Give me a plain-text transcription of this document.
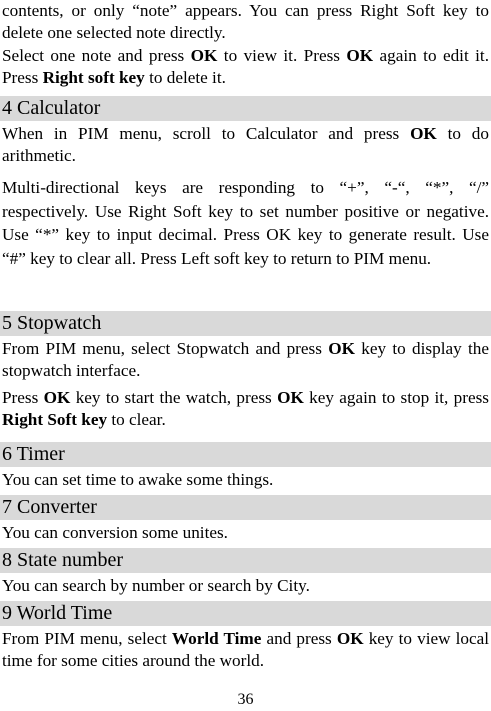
contents, or only “note” appears. You can press Right Soft key to delete one selected note directly.

Select one note and press OK to view it. Press OK again to edit it. Press Right soft key to delete it.

4 Calculator

When in PIM menu, scroll to Calculator and press OK to do arithmetic.

Multi-directional keys are responding to “+”, “-“, “*”, “/” respectively. Use Right Soft key to set number positive or negative. Use “*” key to input decimal. Press OK key to generate result. Use “#” key to clear all. Press Left soft key to return to PIM menu.

5 Stopwatch

From PIM menu, select Stopwatch and press OK key to display the stopwatch interface.

Press OK key to start the watch, press OK key again to stop it, press Right Soft key to clear.

6 Timer

You can set time to awake some things.

7 Converter

You can conversion some unites.

8 State number

You can search by number or search by City.

9 World Time

From PIM menu, select World Time and press OK key to view local time for some cities around the world.

36
